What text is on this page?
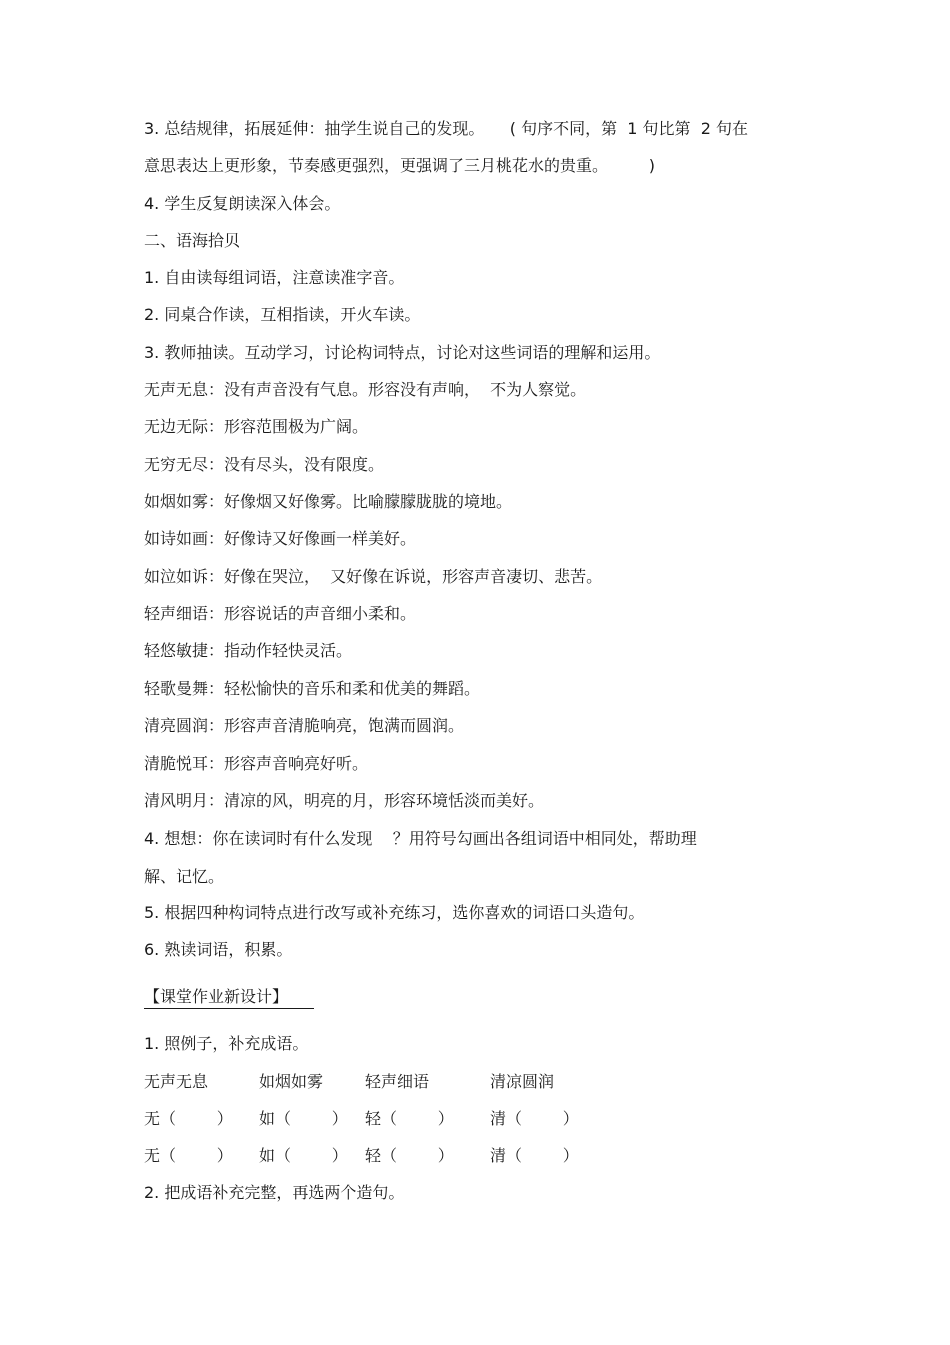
3. 总结规律，拓展延伸：抽学生说自己的发现。     ( 句序不同，第  1 句比第  2 句在

意思表达上更形象，节奏感更强烈，更强调了三月桃花水的贵重。        )

4. 学生反复朗读深入体会。

二、语海拾贝

1. 自由读每组词语，注意读准字音。

2. 同桌合作读，互相指读，开火车读。

3. 教师抽读。互动学习，讨论构词特点，讨论对这些词语的理解和运用。

无声无息：没有声音没有气息。形容没有声响，  不为人察觉。

无边无际：形容范围极为广阔。

无穷无尽：没有尽头，没有限度。

如烟如雾：好像烟又好像雾。比喻朦朦胧胧的境地。

如诗如画：好像诗又好像画一样美好。

如泣如诉：好像在哭泣，  又好像在诉说，形容声音凄切、悲苦。

轻声细语：形容说话的声音细小柔和。

轻悠敏捷：指动作轻快灵活。

轻歌曼舞：轻松愉快的音乐和柔和优美的舞蹈。

清亮圆润：形容声音清脆响亮，饱满而圆润。

清脆悦耳：形容声音响亮好听。

清风明月：清凉的风，明亮的月，形容环境恬淡而美好。

4. 想想：你在读词时有什么发现    ？用符号勾画出各组词语中相同处，帮助理

解、记忆。

5. 根据四种构词特点进行改写或补充练习，选你喜欢的词语口头造句。

6. 熟读词语，积累。

【课堂作业新设计】

1. 照例子，补充成语。

无声无息	如烟如雾	轻声细语	清凉圆润
无（        ） 如（        ） 轻（        ） 清（        ）
无（        ） 如（        ） 轻（        ） 清（        ）

2. 把成语补充完整，再选两个造句。
